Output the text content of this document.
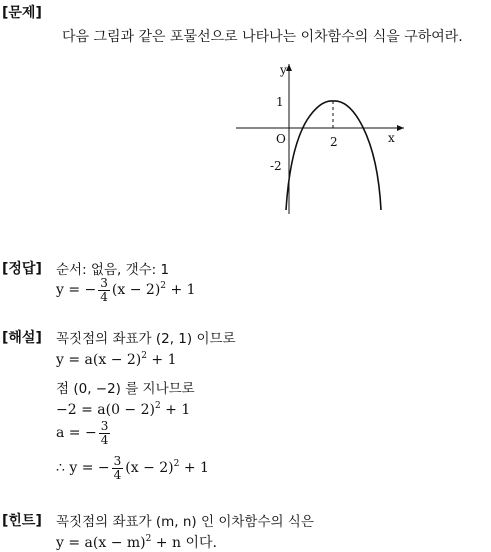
[문제]
다음 그림과 같은 포물선으로 나타나는 이차함수의 식을 구하여라.
y
x
O
1
2
-2
[정답] 순서: 없음, 갯수: 1
y = − $\frac{3}{4} (x - 2)^2 + 1$
[해설] 꼭짓점의 좌표가 (2, 1) 이므로
$y = a(x - 2)^2 + 1$
점 (0, −2) 를 지나므로
$-2 = a(0 - 2)^2 + 1$
a = − $\frac{3}{4}$
∴ y = − $\frac{3}{4} (x - 2)^2 + 1$
[힌트] 꼭짓점의 좌표가 (m, n) 인 이차함수의 식은
$y = a(x - m)^2 + n$ 이다.
